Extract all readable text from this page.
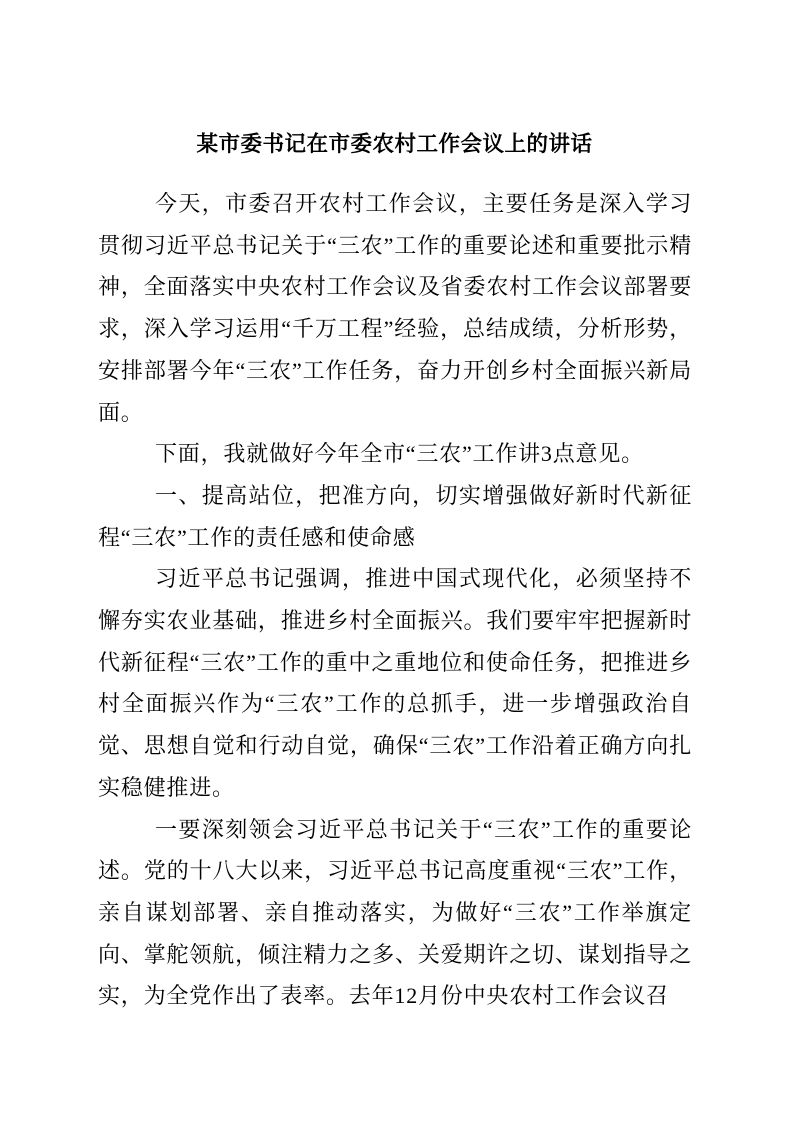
某市委书记在市委农村工作会议上的讲话

今天，市委召开农村工作会议，主要任务是深入学习贯彻习近平总书记关于“三农”工作的重要论述和重要批示精神，全面落实中央农村工作会议及省委农村工作会议部署要求，深入学习运用“千万工程”经验，总结成绩，分析形势，安排部署今年“三农”工作任务，奋力开创乡村全面振兴新局面。

下面，我就做好今年全市“三农”工作讲3点意见。

一、提高站位，把准方向，切实增强做好新时代新征程“三农”工作的责任感和使命感

习近平总书记强调，推进中国式现代化，必须坚持不懈夯实农业基础，推进乡村全面振兴。我们要牢牢把握新时代新征程“三农”工作的重中之重地位和使命任务，把推进乡村全面振兴作为“三农”工作的总抓手，进一步增强政治自觉、思想自觉和行动自觉，确保“三农”工作沿着正确方向扎实稳健推进。

一要深刻领会习近平总书记关于“三农”工作的重要论述。党的十八大以来，习近平总书记高度重视“三农”工作，亲自谋划部署、亲自推动落实，为做好“三农”工作举旗定向、掌舵领航，倾注精力之多、关爱期许之切、谋划指导之实，为全党作出了表率。去年12月份中央农村工作会议召
